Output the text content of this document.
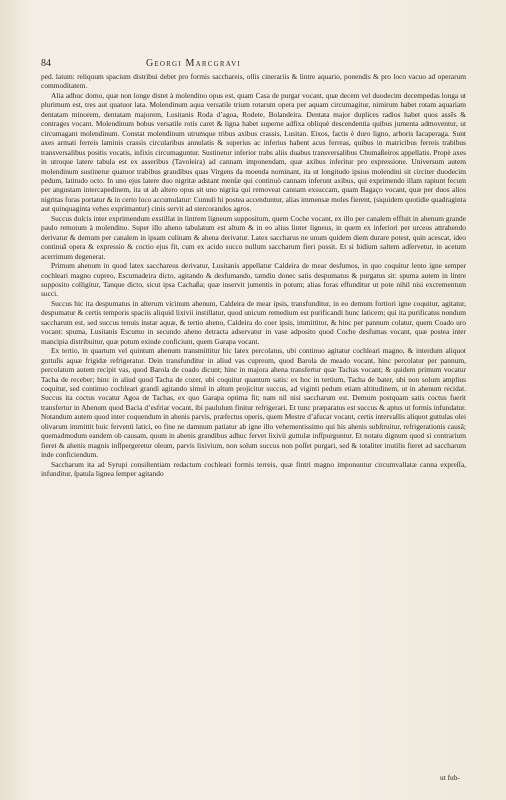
84	Georgi Marcgravi

ped. latum: reliquum spacium distribui debet pro formis sacchareis, ollis cinerariis & lintre aquario, ponendis & pro loco vacuo ad operarum commoditatem.

Alia adhuc domo, quæ non longe distet à molendino opus est, quam Casa de purgar vocant, quæ decem vel duodecim decempedas longa ut plurimum est, tres aut quatuor lata. Molendinum aqua versatile trium rotarum opera per aquam circumagitur, nimirum habet rotam aquariam dentatam minorem, dentatam majorem, Lusitanis Roda d’agoa, Rodete, Bolandeira. Dentata major duplices radios habet quos assēs & contrages vocant. Molendinum bobus versatile rotis caret & ligna habet superne adfixa obliquè descendentia quibus jumenta admoventur, ut circumagant molendinum. Constat molendinum utrumque tribus axibus crassis, Lusitan. Eixos, factis è duro ligno, arboris Iacaperaga. Sunt axes armati ferreis laminis crassis circularibus annulatis & superius ac inferius habent acus ferreas, quibus in matricibus ferreis trabibus transversalibus positis vocatis, infixis circumaguntur. Sustinetur inferior trabs aliis duabus transversalibus Chumaßeiros appellatis. Propè axes in utroque latere tabula est ex asseribus (Tavoleira) ad cannam imponendam, quæ axibus inferitur pro expressione. Universum autem molendinum sustinetur quatuor trabibus grandibus quas Virgens da moenda nominant, ita ut longitudo ipsius molendini sit circiter duodecim pedum, latitudo octo. In uno ejus latere duo nigritæ adstant menſæ qui continuò cannam inferunt axibus, qui exprimendo illam rapiunt fecum per angustam intercapedinem, ita ut ab altero opus sit uno nigrita qui removeat cannam exsuccam, quam Bagaço vocant, quæ per duos alios nigritas foras portatur & in certo loco accumulatur: Cumuli hi postea accenduntur, alias immensæ moles fierent, (siquidem quotidie quadraginta aut quinquaginta vehes exprimantur) cinis servit ad stercorandos agros.

Succus dulcis inter exprimendum exstillat in lintrem ligneum suppositum, quem Coche vocant, ex illo per canalem effluit in ahenum grande paulo remotum à molendino. Super illo aheno tabulatum est altum & in eo alius linter ligneus, in quem ex inferiori per urceos attrahendo derivatur & demum per canalem in ipsam culinam & ahena derivatur. Latex saccharus ne unum quidem diem durare potest, quin acescat, ideo continuâ opera & expressio & coctio ejus fit, cum ex acido succo nullum saccharum fieri possit. Et si bidium saltem adſervetur, in acetum acerrimum degenerat.

Primum ahenum in quod latex sacchareus derivatur, Lusitanis appellatur Caldeira de mear desfumos, in quo coquitur lento igne semper cochleari magno cupreo, Escumadeira dicto, agitando & desfumando, tamdiu donec satis despumatus & purgatus sit: spuma autem in lintre supposito colligitur, Tanque dicto, sicut ipsa Cachaßa; quæ inservit jumentis in potum; alias foras effunditur ut pote nihil nisi excrementum succi.

Succus hic ita despumatus in alterum vicinum ahenum, Caldeira de mear ipsis, transfunditur, in eo demum fortiori igne coquitur, agitatur, despumatur & certis temporis spaciis aliquid lixivii instillatur, quod unicum remedium est purificandi hunc laticem; qui ita purificatus nondum saccharum est, sed succus tenuis instar aquæ, & tertio aheno, Caldeira do coer ipsis, immittitur, & hinc per pannum colatur, quem Coado uro vocant: spuma, Lusitanis Escumo in secundo aheno detracta adservatur in vase adposito quod Coche desfumas vocant, quæ postea inter mancipia distribuitur, quæ potum exinde conficiunt, quem Garapa vocant.

Ex tertio, in quartum vel quintum ahenum transmittitur hic latex percolatus, ubi continuo agitatur cochleari magno, & interdum aliquot guttulis aquæ frigidæ refrigeratur. Dein transfunditur in aliud vas cupreum, quod Barola de meado vocant, hinc percolatur per pannum, percolatum autem recipit vas, quod Barola de coado dicunt; hinc in majora ahena transfertur quæ Tachas vocant; & quidem primum vocatur Tacha de receber; hinc in aliud quod Tacha de cozer, ubi coquitur quantum satis: ex hoc in tertium, Tacha de bater, ubi non solum amplius coquitur, sed continuo cochleari grandi agitando simul in altum projicitur succus, ad viginti pedum etiam altitudinem, ut in ahenum recidat. Succus ita coctus vocatur Agoa de Tachas, ex quo Garapa optima fit; nam nil nisi saccharum est. Demum postquam satis coctus fuerit transfertur in Ahenum quod Bacia d’esfriar vocant, ibi paululum finitur refrigerari. Et tunc præparatus est succus & aptus ut formis infundatur. Notandum autem quod inter coquendum in ahenis parvis, præfectus operis, quem Mestre d’afucar vocant, certis intervallis aliquot guttulas olei olivarum immittit huic ferventi latici, eo fine ne damnum patiatur ab igne illo vehementissimo qui his ahenis subſtruitur, refrigerationis causâ; quemadmodum eandem ob causam, quum in ahenis grandibus adhuc fervet lixivii guttulæ infſpurguntur. Et notatu dignum quod si contrarium fieret & ahenis magnis infſpergeretur oleum, parvis lixivium, non solum succus non poſſet purgari, sed & totaliter inutilis fieret ad saccharum inde conficiendum.

Saccharum ita ad Syrupi consiſtentiam redactum cochleari formis terreis, quæ fintri magno imponuntur circumvallatæ canna expreſſa, infunditur, ſpatula lignea ſemper agitando

ut fub-
